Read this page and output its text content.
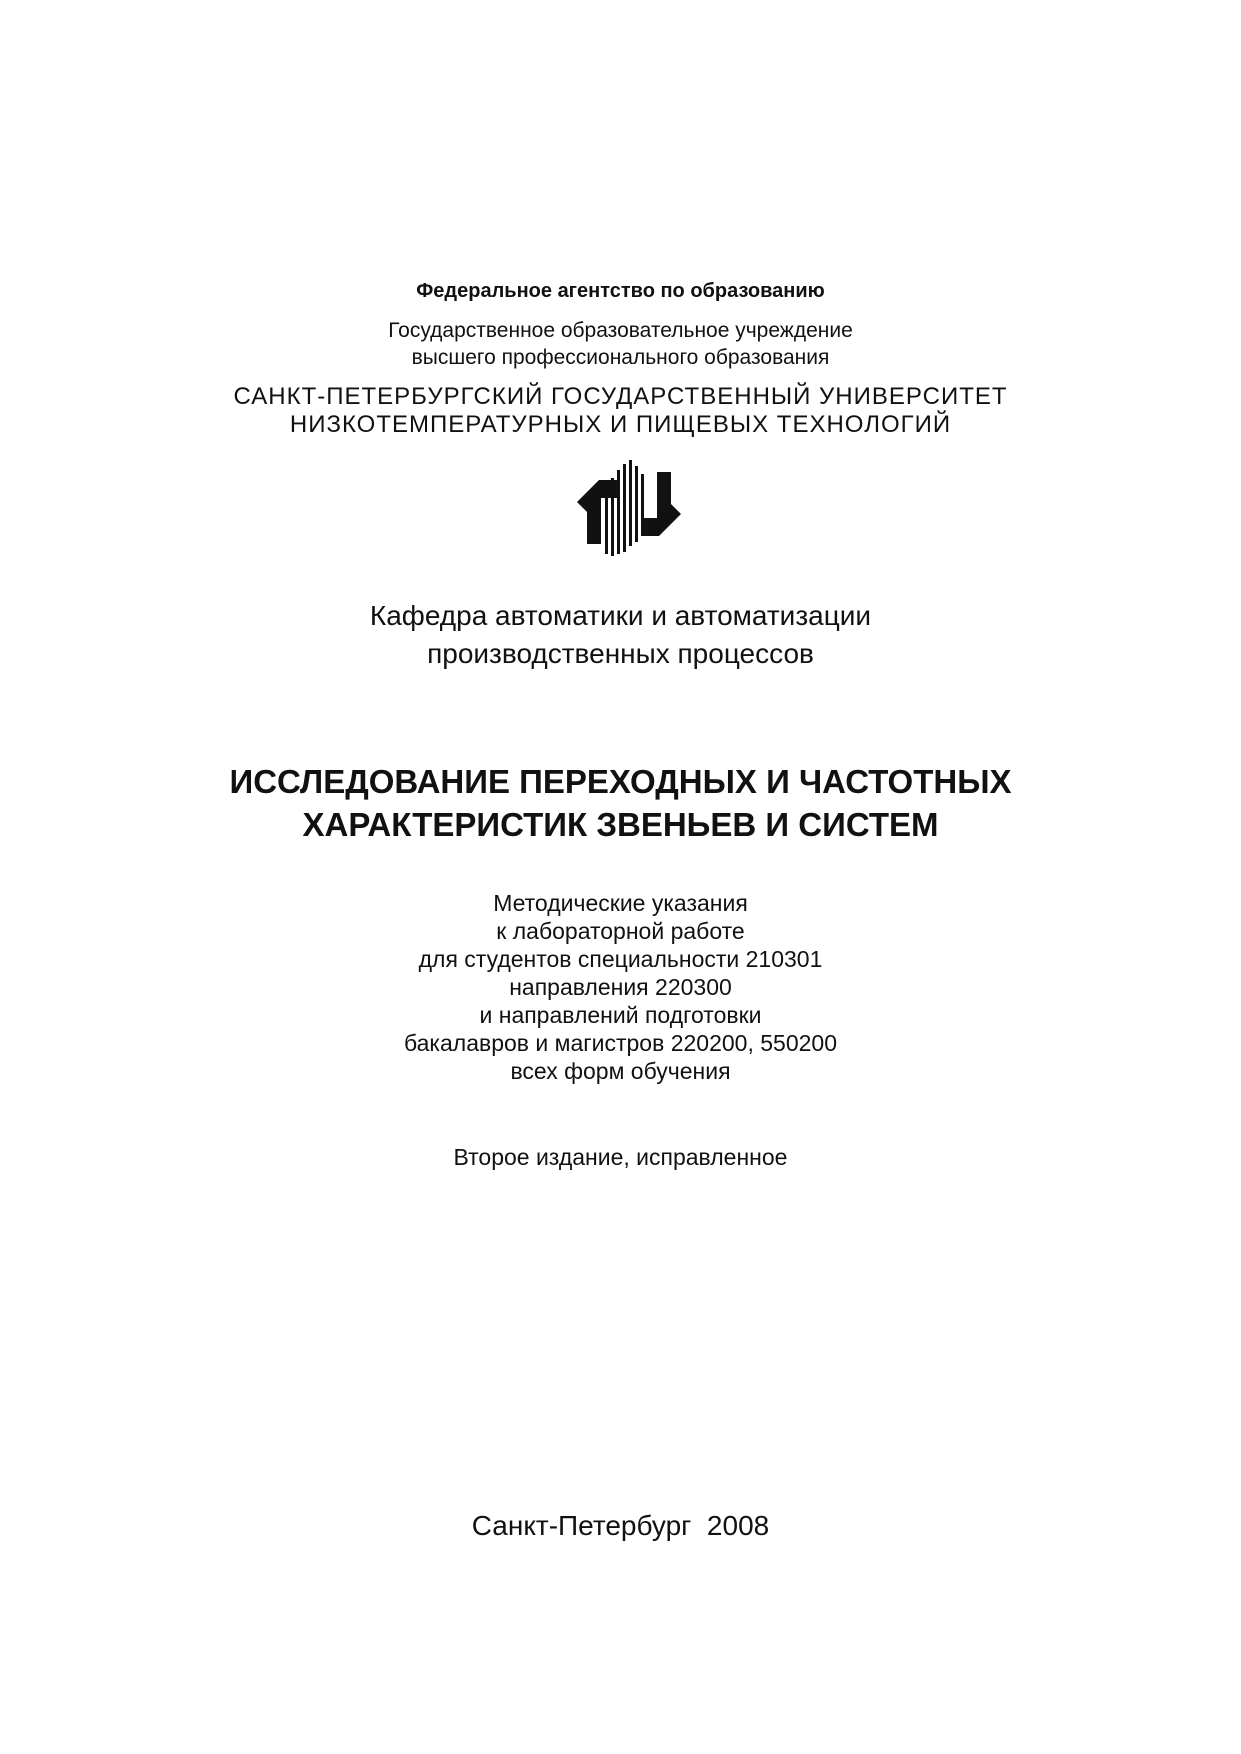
Федеральное агентство по образованию
Государственное образовательное учреждение
высшего профессионального образования
САНКТ-ПЕТЕРБУРГСКИЙ ГОСУДАРСТВЕННЫЙ УНИВЕРСИТЕТ
НИЗКОТЕМПЕРАТУРНЫХ И ПИЩЕВЫХ ТЕХНОЛОГИЙ
Кафедра автоматики и автоматизации
производственных процессов
ИССЛЕДОВАНИЕ ПЕРЕХОДНЫХ И ЧАСТОТНЫХ
ХАРАКТЕРИСТИК ЗВЕНЬЕВ И СИСТЕМ
Методические указания
к лабораторной работе
для студентов специальности 210301
направления 220300
и направлений подготовки
бакалавров и магистров 220200, 550200
всех форм обучения
Второе издание, исправленное
Санкт-Петербург  2008
